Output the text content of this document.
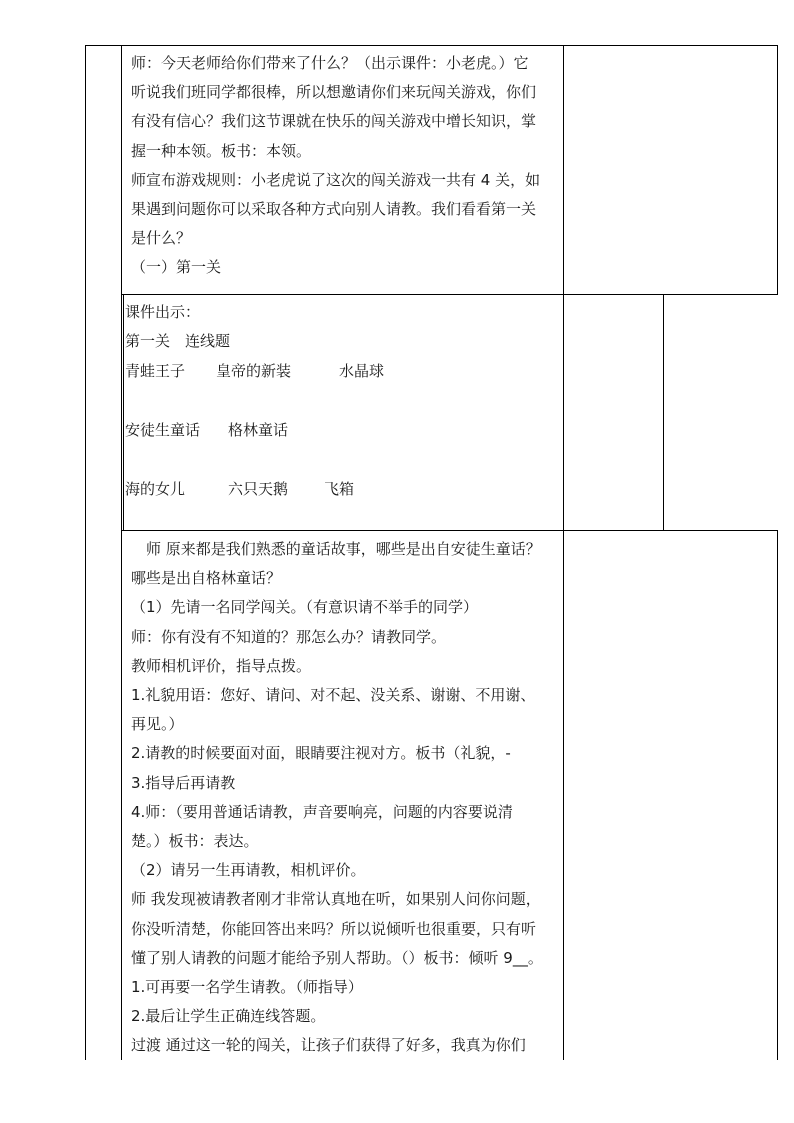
师：今天老师给你们带来了什么？（出示课件：小老虎。）它
听说我们班同学都很棒，所以想邀请你们来玩闯关游戏，你们
有没有信心？我们这节课就在快乐的闯关游戏中增长知识，掌
握一种本领。板书：本领。
师宣布游戏规则：小老虎说了这次的闯关游戏一共有 4 关，如
果遇到问题你可以采取各种方式向别人请教。我们看看第一关
是什么？
（一）第一关
课件出示：
第一关　连线题
青蛙王子 皇帝的新装	水晶球
安徒生童话 格林童话
海的女儿	六只天鹅 飞箱
　师 原来都是我们熟悉的童话故事，哪些是出自安徒生童话？
哪些是出自格林童话？
（1）先请一名同学闯关。（有意识请不举手的同学）
师：你有没有不知道的？那怎么办？请教同学。
教师相机评价，指导点拨。
1.礼貌用语：您好、请问、对不起、没关系、谢谢、不用谢、
再见。）
2.请教的时候要面对面，眼睛要注视对方。板书（礼貌，-
3.指导后再请教
4.师：（要用普通话请教，声音要响亮，问题的内容要说清
楚。）板书：表达。
（2）请另一生再请教，相机评价。
师 我发现被请教者刚才非常认真地在听，如果别人问你问题，
你没听清楚，你能回答出来吗？所以说倾听也很重要，只有听
懂了别人请教的问题才能给予别人帮助。（）板书：倾听 9__。
1.可再要一名学生请教。（师指导）
2.最后让学生正确连线答题。
过渡 通过这一轮的闯关，让孩子们获得了好多，我真为你们
